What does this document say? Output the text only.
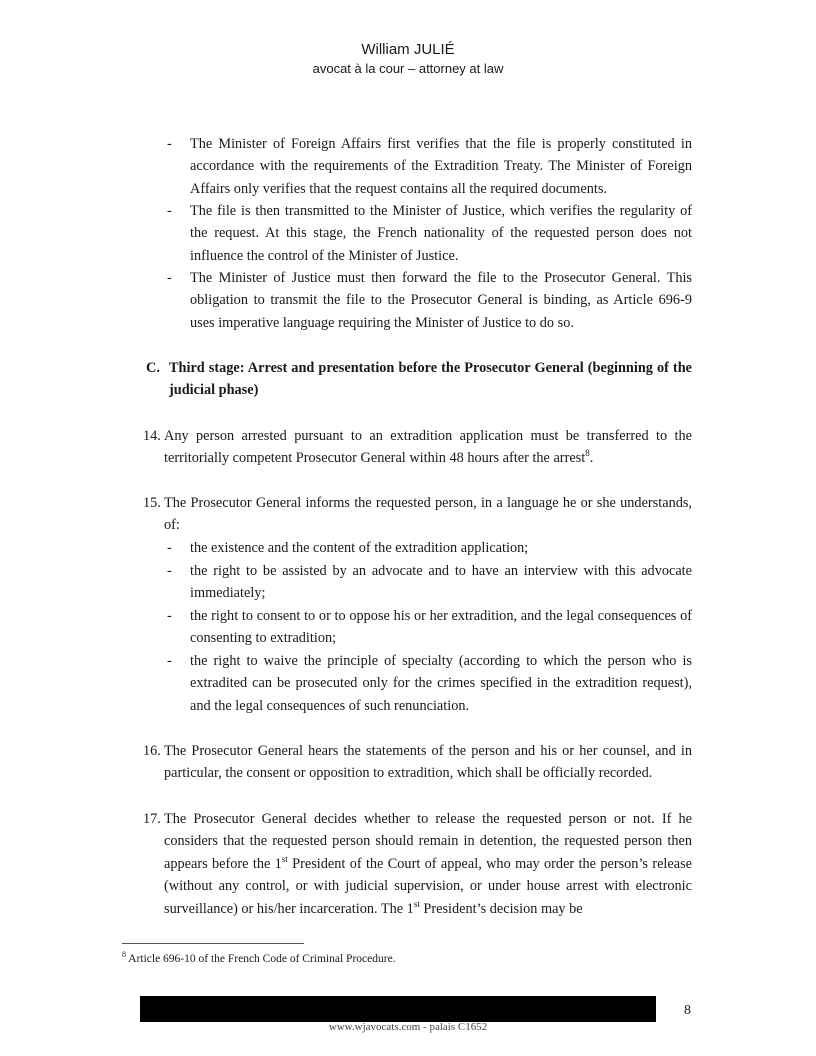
William JULIÉ
avocat à la cour – attorney at law
- The Minister of Foreign Affairs first verifies that the file is properly constituted in accordance with the requirements of the Extradition Treaty. The Minister of Foreign Affairs only verifies that the request contains all the required documents.
- The file is then transmitted to the Minister of Justice, which verifies the regularity of the request. At this stage, the French nationality of the requested person does not influence the control of the Minister of Justice.
- The Minister of Justice must then forward the file to the Prosecutor General. This obligation to transmit the file to the Prosecutor General is binding, as Article 696-9 uses imperative language requiring the Minister of Justice to do so.
C. Third stage: Arrest and presentation before the Prosecutor General (beginning of the judicial phase)
14. Any person arrested pursuant to an extradition application must be transferred to the territorially competent Prosecutor General within 48 hours after the arrest$^8$.
15. The Prosecutor General informs the requested person, in a language he or she understands, of:
- the existence and the content of the extradition application;
- the right to be assisted by an advocate and to have an interview with this advocate immediately;
- the right to consent to or to oppose his or her extradition, and the legal consequences of consenting to extradition;
- the right to waive the principle of specialty (according to which the person who is extradited can be prosecuted only for the crimes specified in the extradition request), and the legal consequences of such renunciation.
16. The Prosecutor General hears the statements of the person and his or her counsel, and in particular, the consent or opposition to extradition, which shall be officially recorded.
17. The Prosecutor General decides whether to release the requested person or not. If he considers that the requested person should remain in detention, the requested person then appears before the 1st President of the Court of appeal, who may order the person’s release (without any control, or with judicial supervision, or under house arrest with electronic surveillance) or his/her incarceration. The 1st President’s decision may be
$^8$ Article 696-10 of the French Code of Criminal Procedure.
8
www.wjavocats.com - palais C1652
